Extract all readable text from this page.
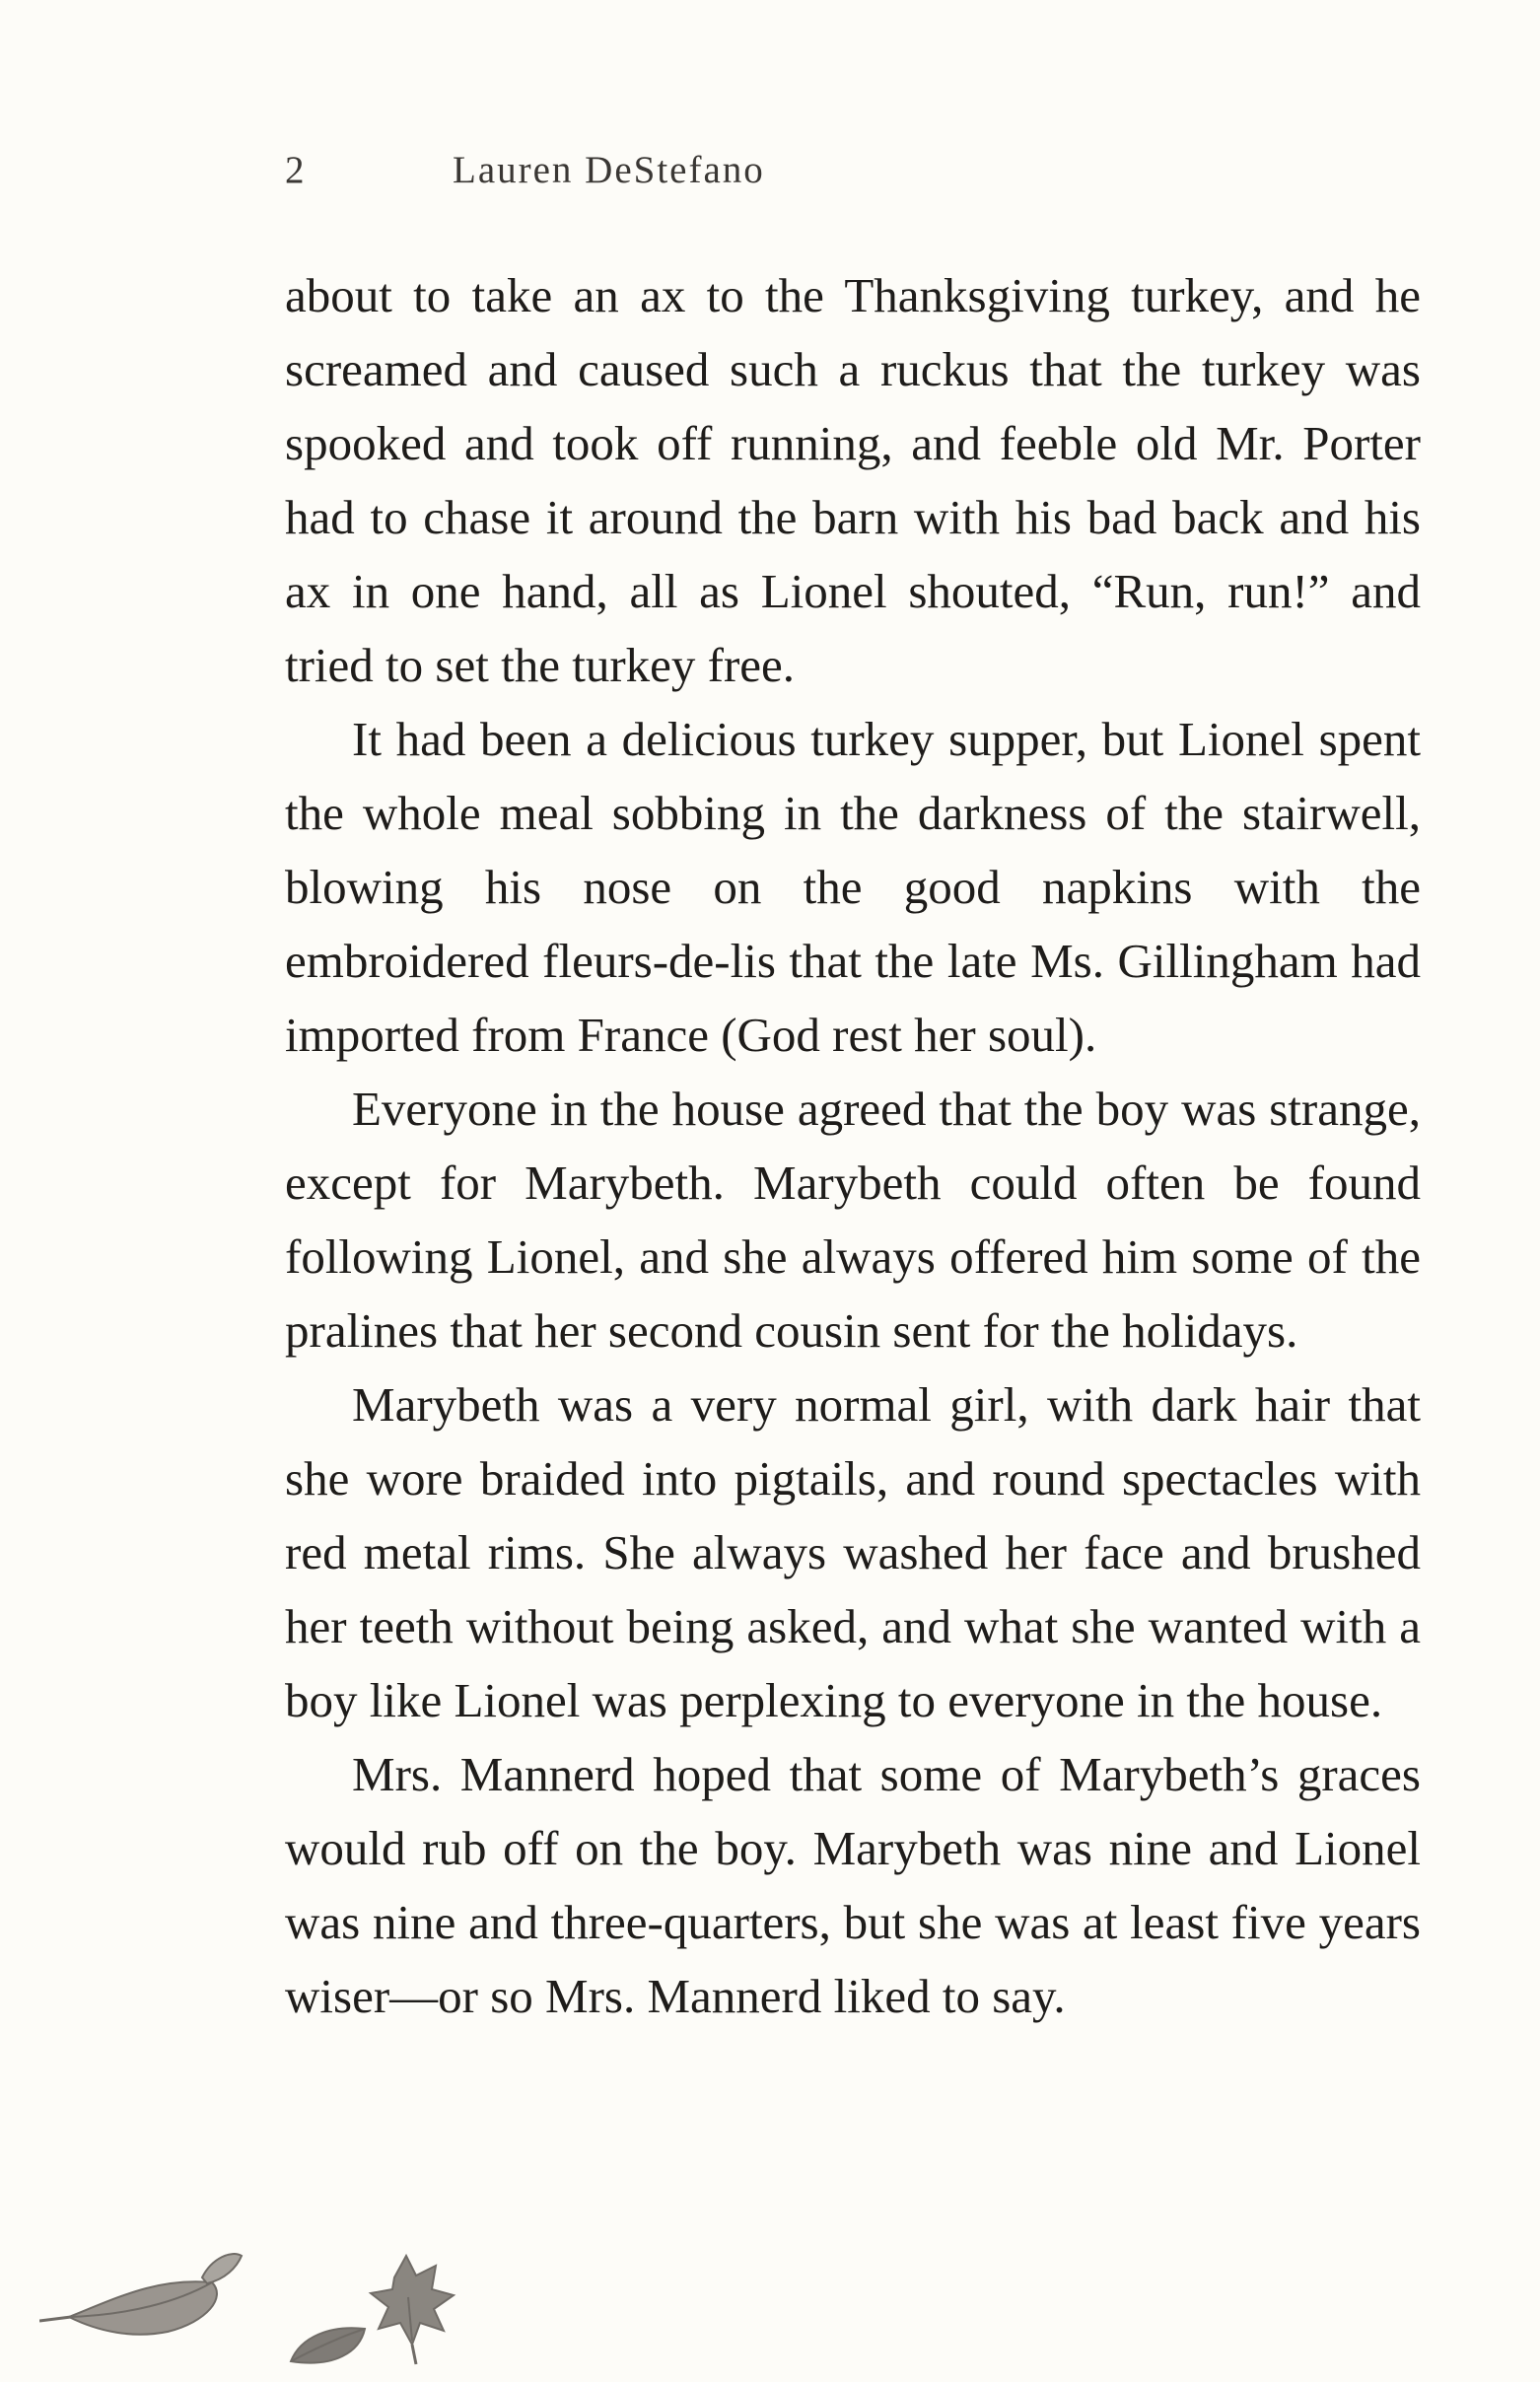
2	Lauren DeStefano

about to take an ax to the Thanksgiving turkey, and he screamed and caused such a ruckus that the turkey was spooked and took off running, and feeble old Mr. Porter had to chase it around the barn with his bad back and his ax in one hand, all as Lionel shouted, “Run, run!” and tried to set the turkey free.

It had been a delicious turkey supper, but Lionel spent the whole meal sobbing in the darkness of the stairwell, blowing his nose on the good napkins with the embroidered fleurs-de-lis that the late Ms. Gillingham had imported from France (God rest her soul).

Everyone in the house agreed that the boy was strange, except for Marybeth. Marybeth could often be found following Lionel, and she always offered him some of the pralines that her second cousin sent for the holidays.

Marybeth was a very normal girl, with dark hair that she wore braided into pigtails, and round spectacles with red metal rims. She always washed her face and brushed her teeth without being asked, and what she wanted with a boy like Lionel was perplexing to everyone in the house.

Mrs. Mannerd hoped that some of Marybeth’s graces would rub off on the boy. Marybeth was nine and Lionel was nine and three-quarters, but she was at least five years wiser—or so Mrs. Mannerd liked to say.
